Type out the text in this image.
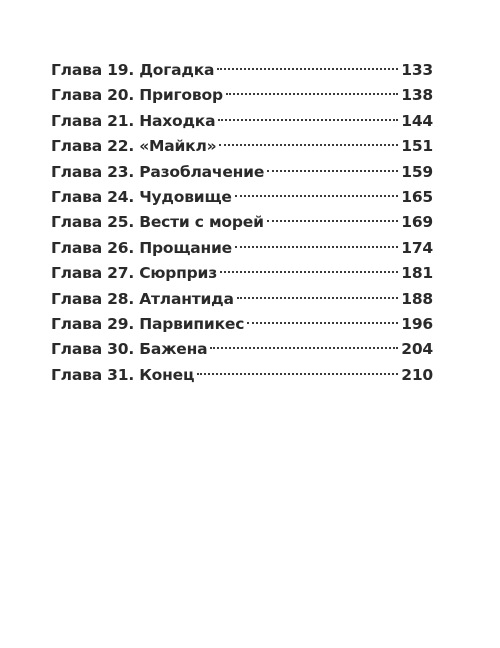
Глава 19. Догадка	133
Глава 20. Приговор	138
Глава 21. Находка	144
Глава 22. «Майкл»	151
Глава 23. Разоблачение	159
Глава 24. Чудовище	165
Глава 25. Вести с морей	169
Глава 26. Прощание	174
Глава 27. Сюрприз	181
Глава 28. Атлантида	188
Глава 29. Парвипикес	196
Глава 30. Бажена	204
Глава 31. Конец	210
